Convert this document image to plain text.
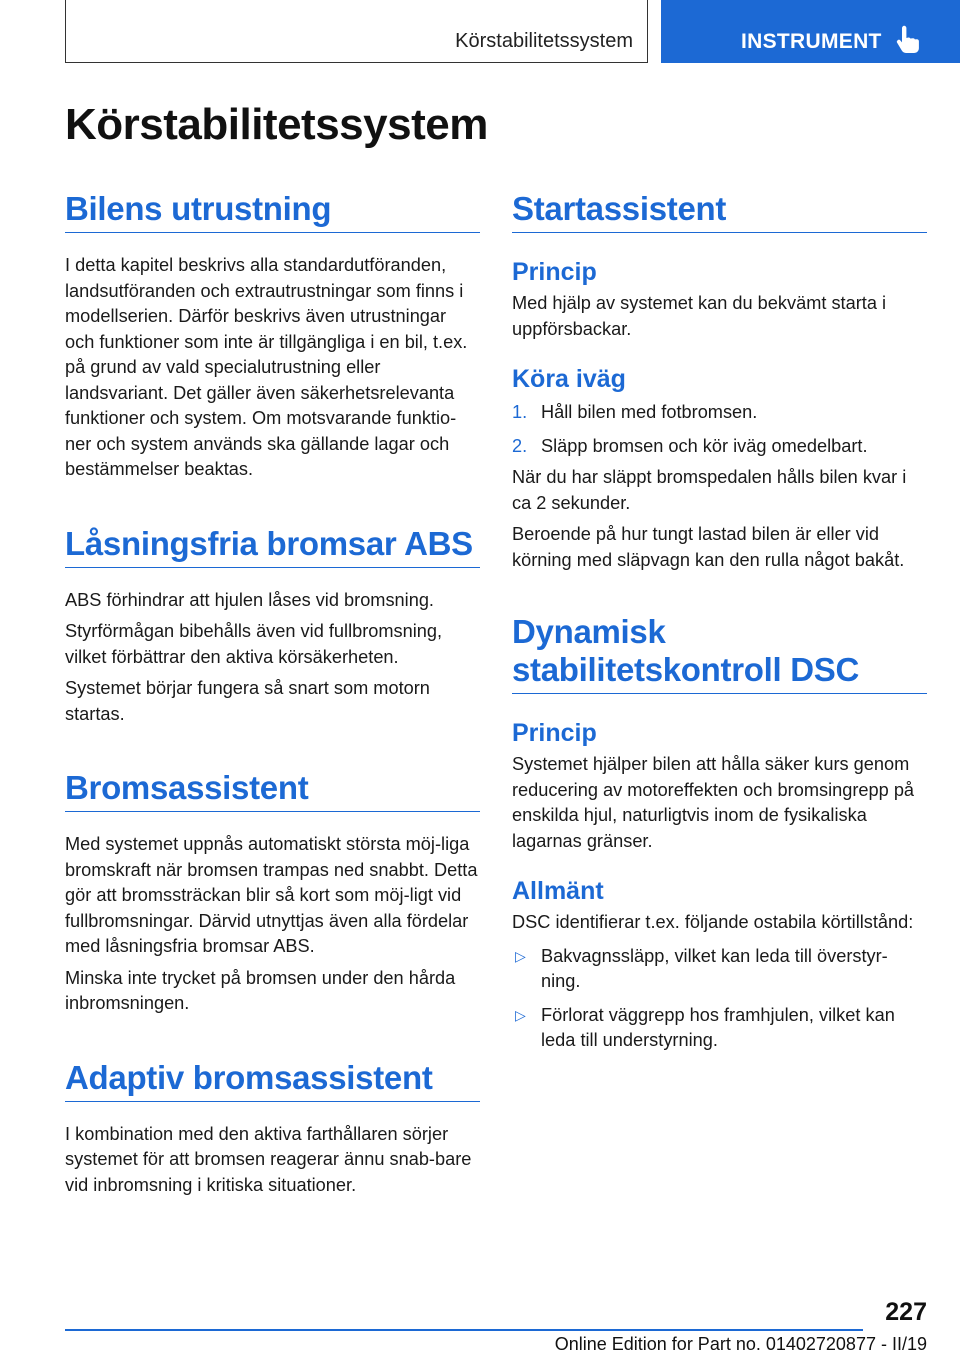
Körstabilitetssystem	INSTRUMENT
Körstabilitetssystem
Bilens utrustning

I detta kapitel beskrivs alla standardutföranden, landsutföranden och extrautrustningar som finns i modellserien. Därför beskrivs även utrustningar och funktioner som inte är tillgängliga i en bil, t.ex. på grund av vald specialutrustning eller landsvariant. Det gäller även säkerhetsrelevanta funktioner och system. Om motsvarande funktio-ner och system används ska gällande lagar och bestämmelser beaktas.

Låsningsfria bromsar ABS

ABS förhindrar att hjulen låses vid bromsning.

Styrförmågan bibehålls även vid fullbromsning, vilket förbättrar den aktiva körsäkerheten.

Systemet börjar fungera så snart som motorn startas.

Bromsassistent

Med systemet uppnås automatiskt största möj-liga bromskraft när bromsen trampas ned snabbt. Detta gör att bromssträckan blir så kort som möj-ligt vid fullbromsningar. Därvid utnyttjas även alla fördelar med låsningsfria bromsar ABS.

Minska inte trycket på bromsen under den hårda inbromsningen.

Adaptiv bromsassistent

I kombination med den aktiva farthållaren sörjer systemet för att bromsen reagerar ännu snab-bare vid inbromsning i kritiska situationer.

Startassistent
Princip

Med hjälp av systemet kan du bekvämt starta i uppförsbackar.

Köra iväg
1. Håll bilen med fotbromsen.
2. Släpp bromsen och kör iväg omedelbart.

När du har släppt bromspedalen hålls bilen kvar i ca 2 sekunder.

Beroende på hur tungt lastad bilen är eller vid körning med släpvagn kan den rulla något bakåt.

Dynamisk stabilitetskontroll DSC
Princip

Systemet hjälper bilen att hålla säker kurs genom reducering av motoreffekten och bromsingrepp på enskilda hjul, naturligtvis inom de fysikaliska lagarnas gränser.

Allmänt

DSC identifierar t.ex. följande ostabila körtillstånd:

▷ Bakvagnssläpp, vilket kan leda till överstyr-ning.
▷ Förlorat väggrepp hos framhjulen, vilket kan leda till understyrning.
227
Online Edition for Part no. 01402720877 - II/19
